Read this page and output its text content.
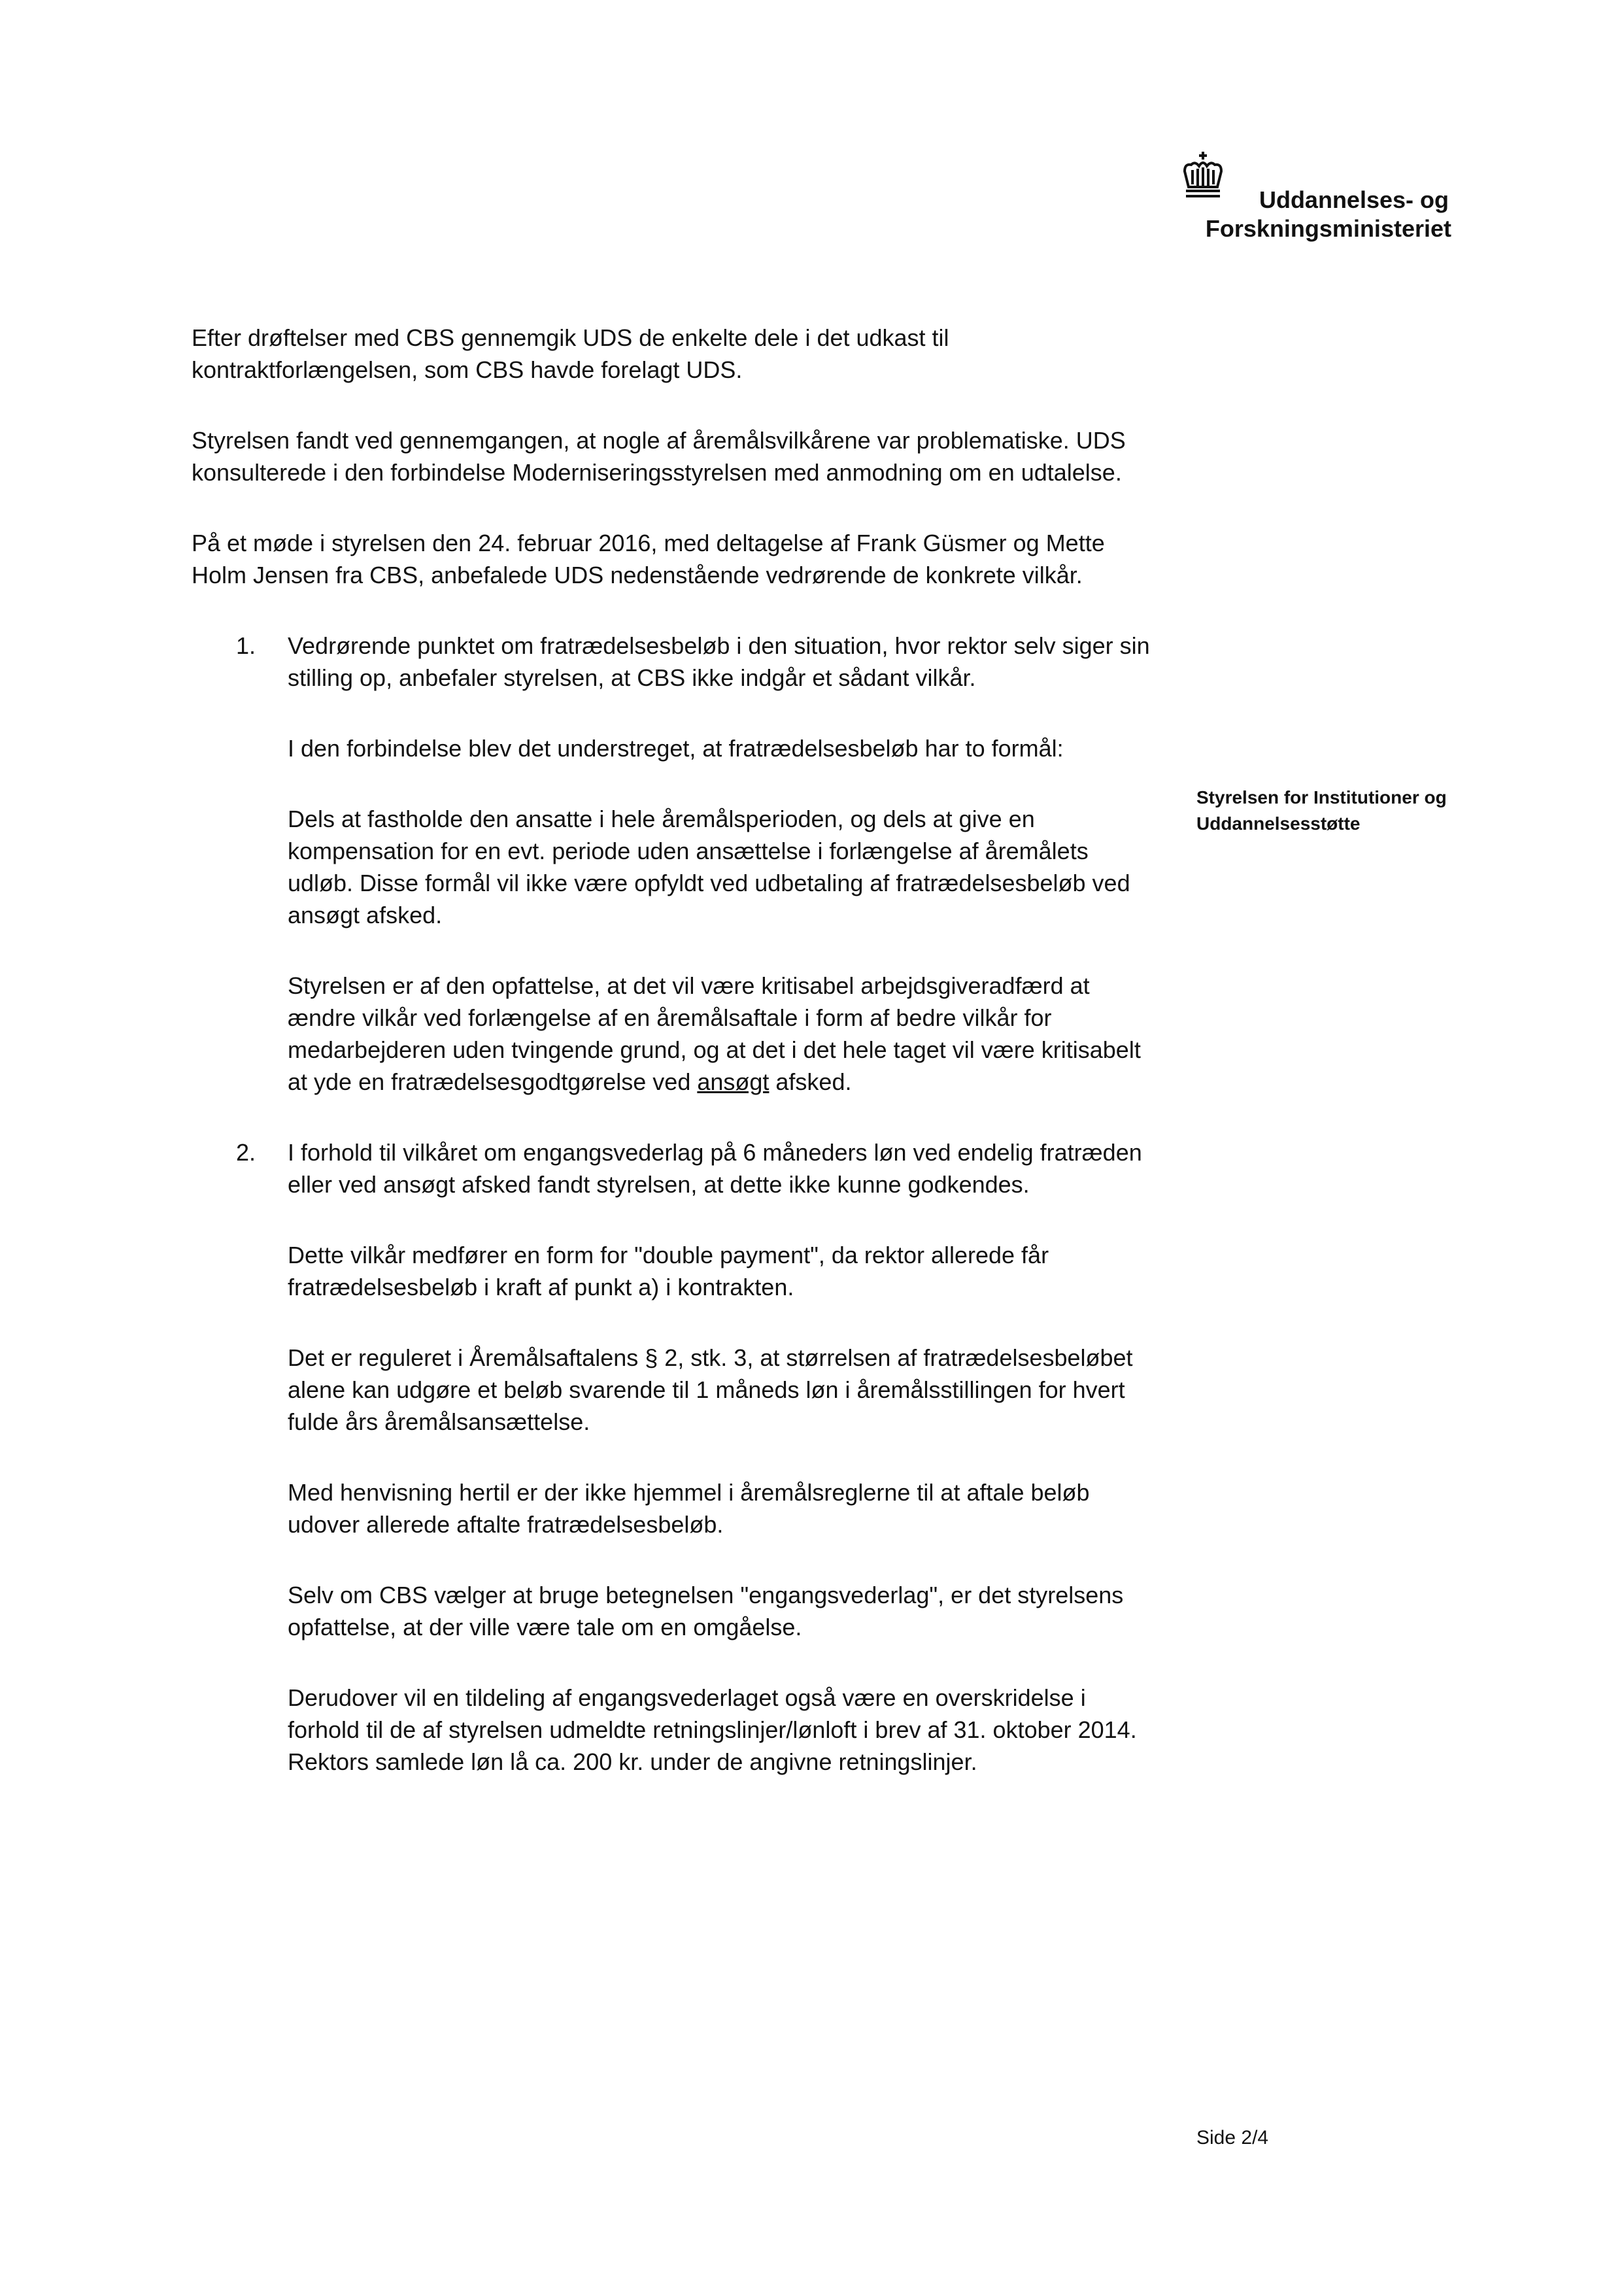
Uddannelses- og
Forskningsministeriet
Styrelsen for Institutioner og
Uddannelsesstøtte

Efter drøftelser med CBS gennemgik UDS de enkelte dele i det udkast til kontraktforlængelsen, som CBS havde forelagt UDS.

Styrelsen fandt ved gennemgangen, at nogle af åremålsvilkårene var problematiske. UDS konsulterede i den forbindelse Moderniseringsstyrelsen med anmodning om en udtalelse.

På et møde i styrelsen den 24. februar 2016, med deltagelse af Frank Güsmer og Mette Holm Jensen fra CBS, anbefalede UDS nedenstående vedrørende de konkrete vilkår.

1. Vedrørende punktet om fratrædelsesbeløb i den situation, hvor rektor selv siger sin stilling op, anbefaler styrelsen, at CBS ikke indgår et sådant vilkår.

I den forbindelse blev det understreget, at fratrædelsesbeløb har to formål:

Dels at fastholde den ansatte i hele åremålsperioden, og dels at give en kompensation for en evt. periode uden ansættelse i forlængelse af åremålets udløb. Disse formål vil ikke være opfyldt ved udbetaling af fratrædelsesbeløb ved ansøgt afsked.

Styrelsen er af den opfattelse, at det vil være kritisabel arbejdsgiveradfærd at ændre vilkår ved forlængelse af en åremålsaftale i form af bedre vilkår for medarbejderen uden tvingende grund, og at det i det hele taget vil være kritisabelt at yde en fratrædelsesgodtgørelse ved ansøgt afsked.

2. I forhold til vilkåret om engangsvederlag på 6 måneders løn ved endelig fratræden eller ved ansøgt afsked fandt styrelsen, at dette ikke kunne godkendes.

Dette vilkår medfører en form for "double payment", da rektor allerede får fratrædelsesbeløb i kraft af punkt a) i kontrakten.

Det er reguleret i Åremålsaftalens § 2, stk. 3, at størrelsen af fratrædelsesbeløbet alene kan udgøre et beløb svarende til 1 måneds løn i åremålsstillingen for hvert fulde års åremålsansættelse.

Med henvisning hertil er der ikke hjemmel i åremålsreglerne til at aftale beløb udover allerede aftalte fratrædelsesbeløb.

Selv om CBS vælger at bruge betegnelsen "engangsvederlag", er det styrelsens opfattelse, at der ville være tale om en omgåelse.

Derudover vil en tildeling af engangsvederlaget også være en overskridelse i forhold til de af styrelsen udmeldte retningslinjer/lønloft i brev af 31. oktober 2014. Rektors samlede løn lå ca. 200 kr. under de angivne retningslinjer.

Side 2/4
